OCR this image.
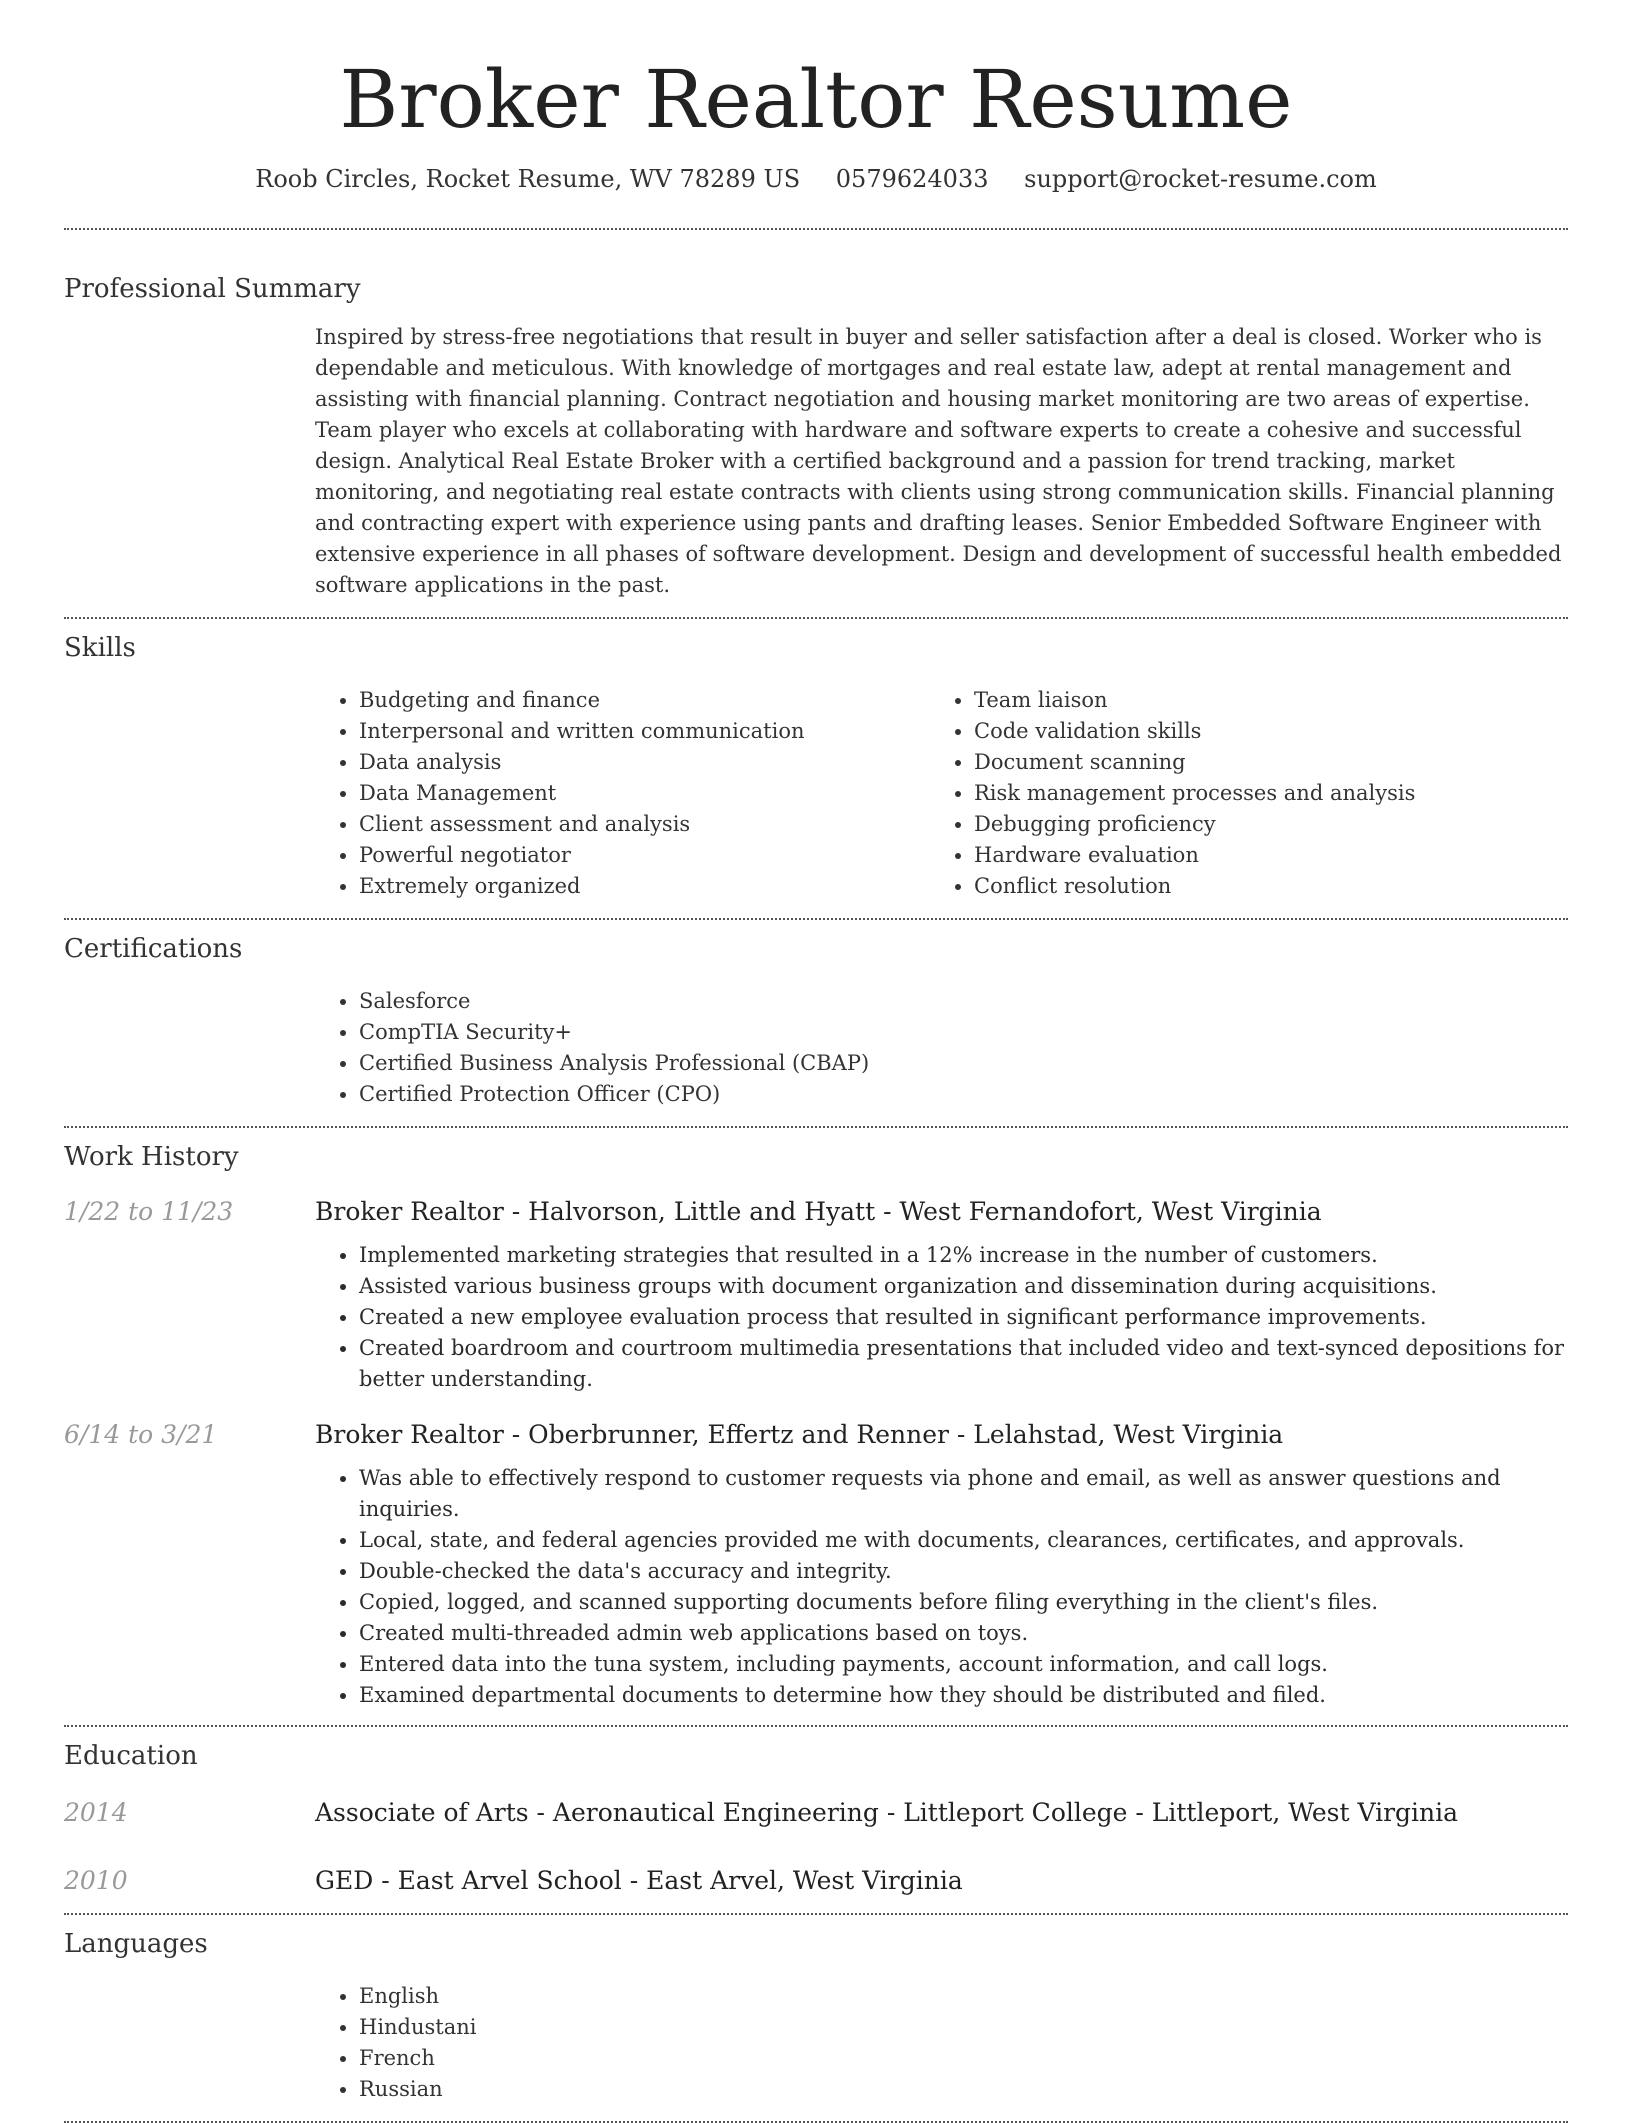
Broker Realtor Resume
Roob Circles, Rocket Resume, WV 78289 US 0579624033 support@rocket-resume.com
Professional Summary

Inspired by stress-free negotiations that result in buyer and seller satisfaction after a deal is closed. Worker who is dependable and meticulous. With knowledge of mortgages and real estate law, adept at rental management and assisting with financial planning. Contract negotiation and housing market monitoring are two areas of expertise. Team player who excels at collaborating with hardware and software experts to create a cohesive and successful design. Analytical Real Estate Broker with a certified background and a passion for trend tracking, market monitoring, and negotiating real estate contracts with clients using strong communication skills. Financial planning and contracting expert with experience using pants and drafting leases. Senior Embedded Software Engineer with extensive experience in all phases of software development. Design and development of successful health embedded software applications in the past.

Skills
• Budgeting and finance
• Interpersonal and written communication
• Data analysis
• Data Management
• Client assessment and analysis
• Powerful negotiator
• Extremely organized
• Team liaison
• Code validation skills
• Document scanning
• Risk management processes and analysis
• Debugging proficiency
• Hardware evaluation
• Conflict resolution
Certifications
• Salesforce
• CompTIA Security+
• Certified Business Analysis Professional (CBAP)
• Certified Protection Officer (CPO)
Work History
1/22 to 11/23	Broker Realtor - Halvorson, Little and Hyatt - West Fernandofort, West Virginia
• Implemented marketing strategies that resulted in a 12% increase in the number of customers.
• Assisted various business groups with document organization and dissemination during acquisitions.
• Created a new employee evaluation process that resulted in significant performance improvements.
• Created boardroom and courtroom multimedia presentations that included video and text-synced depositions for better understanding.
6/14 to 3/21	Broker Realtor - Oberbrunner, Effertz and Renner - Lelahstad, West Virginia
• Was able to effectively respond to customer requests via phone and email, as well as answer questions and inquiries.
• Local, state, and federal agencies provided me with documents, clearances, certificates, and approvals.
• Double-checked the data's accuracy and integrity.
• Copied, logged, and scanned supporting documents before filing everything in the client's files.
• Created multi-threaded admin web applications based on toys.
• Entered data into the tuna system, including payments, account information, and call logs.
• Examined departmental documents to determine how they should be distributed and filed.
Education
2014	Associate of Arts - Aeronautical Engineering - Littleport College - Littleport, West Virginia
2010	GED - East Arvel School - East Arvel, West Virginia
Languages
• English
• Hindustani
• French
• Russian
